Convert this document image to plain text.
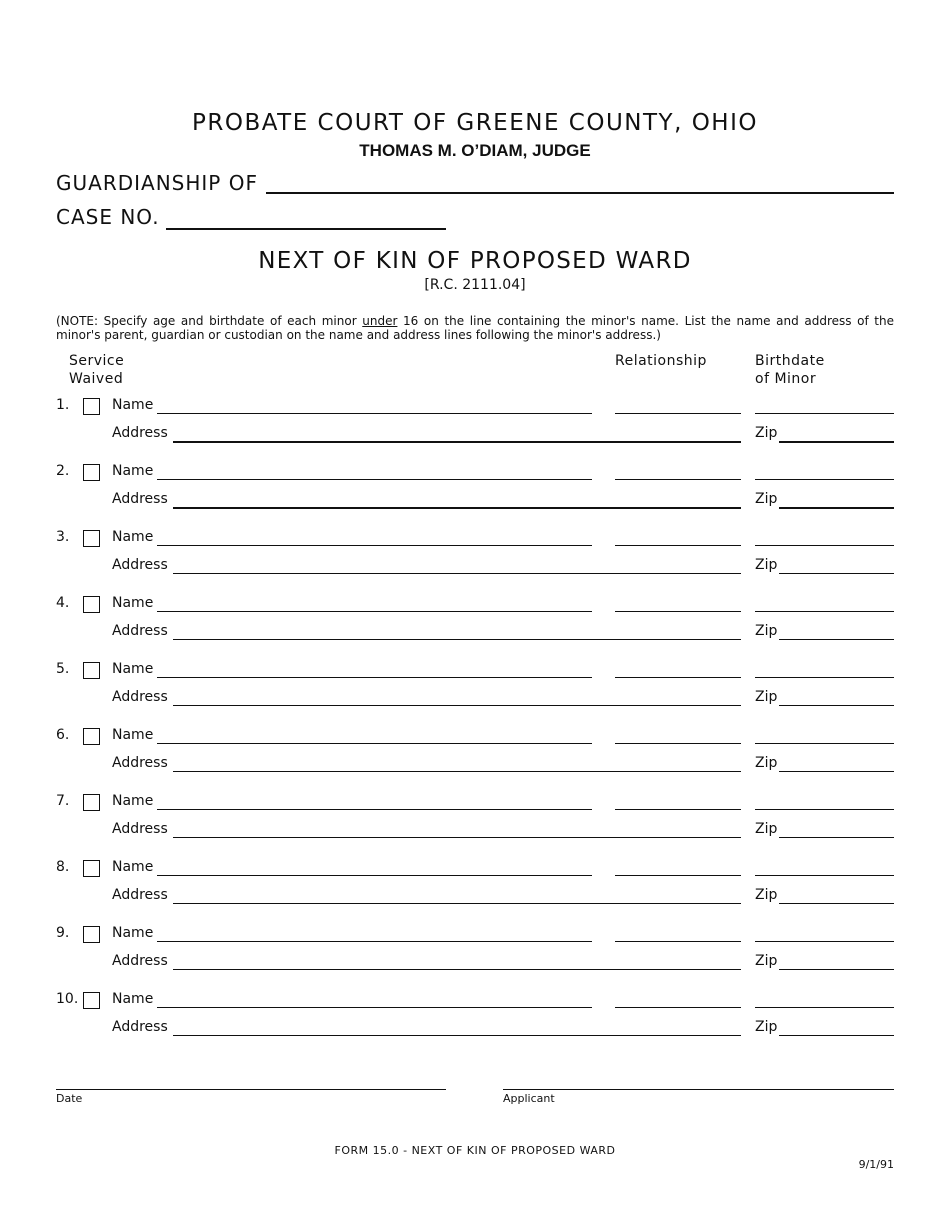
PROBATE COURT OF GREENE COUNTY, OHIO
THOMAS M. O’DIAM, JUDGE
GUARDIANSHIP OF
CASE NO.
NEXT OF KIN OF PROPOSED WARD
[R.C. 2111.04]
(NOTE: Specify age and birthdate of each minor under 16 on the line containing the minor's name. List the name and address of the minor's parent, guardian or custodian on the name and address lines following the minor's address.)
Service
Waived
Relationship	Birthdate
of Minor
1.	Name
Address	Zip
2.	Name
Address	Zip
3.	Name
Address	Zip
4.	Name
Address	Zip
5.	Name
Address	Zip
6.	Name
Address	Zip
7.	Name
Address	Zip
8.	Name
Address	Zip
9.	Name
Address	Zip
10. Name
Address	Zip
Date	Applicant
FORM 15.0 - NEXT OF KIN OF PROPOSED WARD
9/1/91
